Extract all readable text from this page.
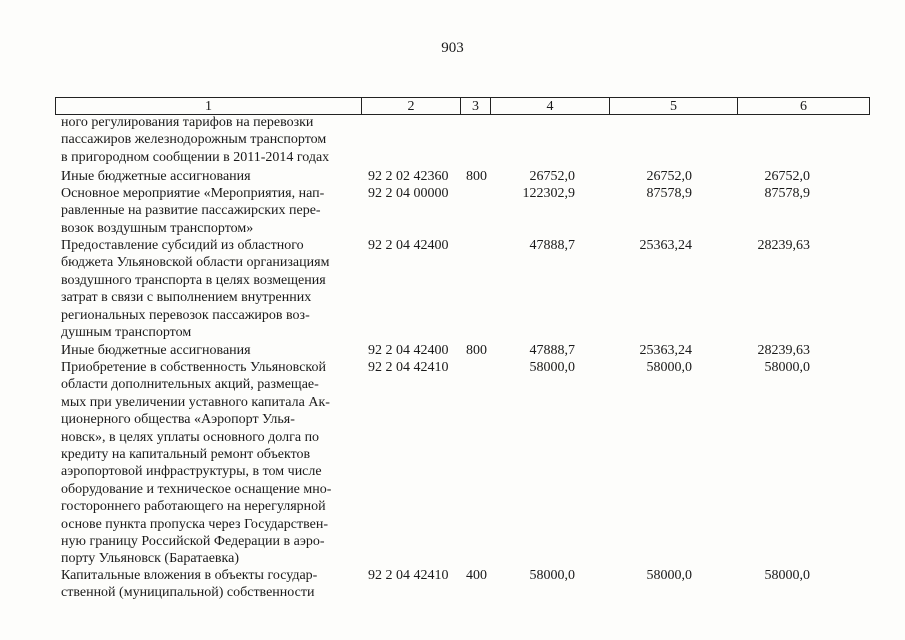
903
1	2	3	4	5	6
ного регулирования тарифов на перевозки
пассажиров железнодорожным транспортом
в пригородном сообщении в 2011-2014 годах
Иные бюджетные ассигнования	92 2 02 42360 800	26752,0	26752,0	26752,0
Основное мероприятие «Мероприятия, нап-
равленные на развитие пассажирских пере-
возок воздушным транспортом»
92 2 04 00000	122302,9	87578,9	87578,9
Предоставление субсидий из областного
бюджета Ульяновской области организациям
воздушного транспорта в целях возмещения
затрат в связи с выполнением внутренних
региональных перевозок пассажиров воз-
душным транспортом
92 2 04 42400	47888,7	25363,24	28239,63
Иные бюджетные ассигнования	92 2 04 42400 800	47888,7	25363,24	28239,63
Приобретение в собственность Ульяновской
области дополнительных акций, размещае-
мых при увеличении уставного капитала Ак-
ционерного общества «Аэропорт Улья-
новск», в целях уплаты основного долга по
кредиту на капитальный ремонт объектов
аэропортовой инфраструктуры, в том числе
оборудование и техническое оснащение мно-
гостороннего работающего на нерегулярной
основе пункта пропуска через Государствен-
ную границу Российской Федерации в аэро-
порту Ульяновск (Баратаевка)
92 2 04 42410	58000,0	58000,0	58000,0
Капитальные вложения в объекты государ-
ственной (муниципальной) собственности
92 2 04 42410 400	58000,0	58000,0	58000,0
